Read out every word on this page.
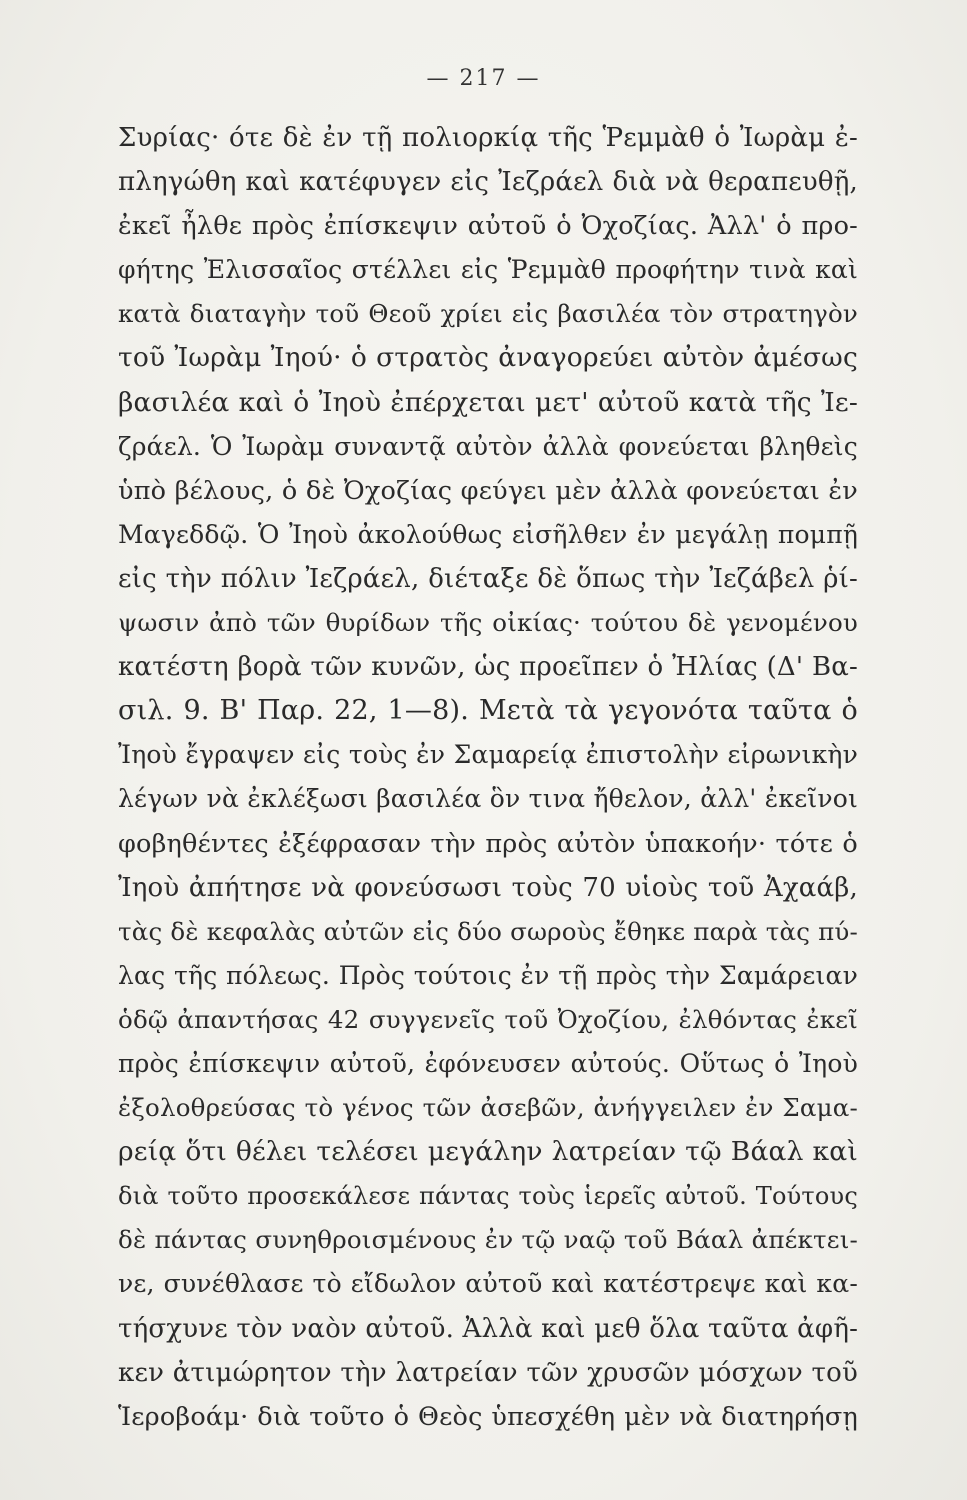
— 217 —
Συρίας· ότε δὲ ἐν τῇ πολιορκίᾳ τῆς Ῥεμμὰθ ὁ Ἰωρὰμ ἐ-
πληγώθη καὶ κατέφυγεν εἰς Ἰεζράελ διὰ νὰ θεραπευθῇ,
ἐκεῖ ἦλθε πρὸς ἐπίσκεψιν αὐτοῦ ὁ Ὀχοζίας. Ἀλλ' ὁ προ-
φήτης Ἐλισσαῖος στέλλει εἰς Ῥεμμὰθ προφήτην τινὰ καὶ
κατὰ διαταγὴν τοῦ Θεοῦ χρίει εἰς βασιλέα τὸν στρατηγὸν
τοῦ Ἰωρὰμ Ἰηού· ὁ στρατὸς ἀναγορεύει αὐτὸν ἀμέσως
βασιλέα καὶ ὁ Ἰηοὺ ἐπέρχεται μετ' αὐτοῦ κατὰ τῆς Ἰε-
ζράελ. Ὁ Ἰωρὰμ συναντᾷ αὐτὸν ἀλλὰ φονεύεται βληθεὶς
ὑπὸ βέλους, ὁ δὲ Ὀχοζίας φεύγει μὲν ἀλλὰ φονεύεται ἐν
Μαγεδδῷ. Ὁ Ἰηοὺ ἀκολούθως εἰσῆλθεν ἐν μεγάλῃ πομπῇ
εἰς τὴν πόλιν Ἰεζράελ, διέταξε δὲ ὅπως τὴν Ἰεζάβελ ῥί-
ψωσιν ἀπὸ τῶν θυρίδων τῆς οἰκίας· τούτου δὲ γενομένου
κατέστη βορὰ τῶν κυνῶν, ὡς προεῖπεν ὁ Ἠλίας (Δ' Βα-
σιλ. 9. Β' Παρ. 22, 1—8). Μετὰ τὰ γεγονότα ταῦτα ὁ
Ἰηοὺ ἔγραψεν εἰς τοὺς ἐν Σαμαρείᾳ ἐπιστολὴν εἰρωνικὴν
λέγων νὰ ἐκλέξωσι βασιλέα ὃν τινα ἤθελον, ἀλλ' ἐκεῖνοι
φοβηθέντες ἐξέφρασαν τὴν πρὸς αὐτὸν ὑπακοήν· τότε ὁ
Ἰηοὺ ἀπήτησε νὰ φονεύσωσι τοὺς 70 υἱοὺς τοῦ Ἀχαάβ,
τὰς δὲ κεφαλὰς αὐτῶν εἰς δύο σωροὺς ἔθηκε παρὰ τὰς πύ-
λας τῆς πόλεως. Πρὸς τούτοις ἐν τῇ πρὸς τὴν Σαμάρειαν
ὁδῷ ἀπαντήσας 42 συγγενεῖς τοῦ Ὀχοζίου, ἐλθόντας ἐκεῖ
πρὸς ἐπίσκεψιν αὐτοῦ, ἐφόνευσεν αὐτούς. Οὕτως ὁ Ἰηοὺ
ἐξολοθρεύσας τὸ γένος τῶν ἀσεβῶν, ἀνήγγειλεν ἐν Σαμα-
ρείᾳ ὅτι θέλει τελέσει μεγάλην λατρείαν τῷ Βάαλ καὶ
διὰ τοῦτο προσεκάλεσε πάντας τοὺς ἱερεῖς αὐτοῦ. Τούτους
δὲ πάντας συνηθροισμένους ἐν τῷ ναῷ τοῦ Βάαλ ἀπέκτει-
νε, συνέθλασε τὸ εἴδωλον αὐτοῦ καὶ κατέστρεψε καὶ κα-
τήσχυνε τὸν ναὸν αὐτοῦ. Ἀλλὰ καὶ μεθ ὅλα ταῦτα ἀφῆ-
κεν ἀτιμώρητον τὴν λατρείαν τῶν χρυσῶν μόσχων τοῦ
Ἱεροβοάμ· διὰ τοῦτο ὁ Θεὸς ὑπεσχέθη μὲν νὰ διατηρήσῃ
